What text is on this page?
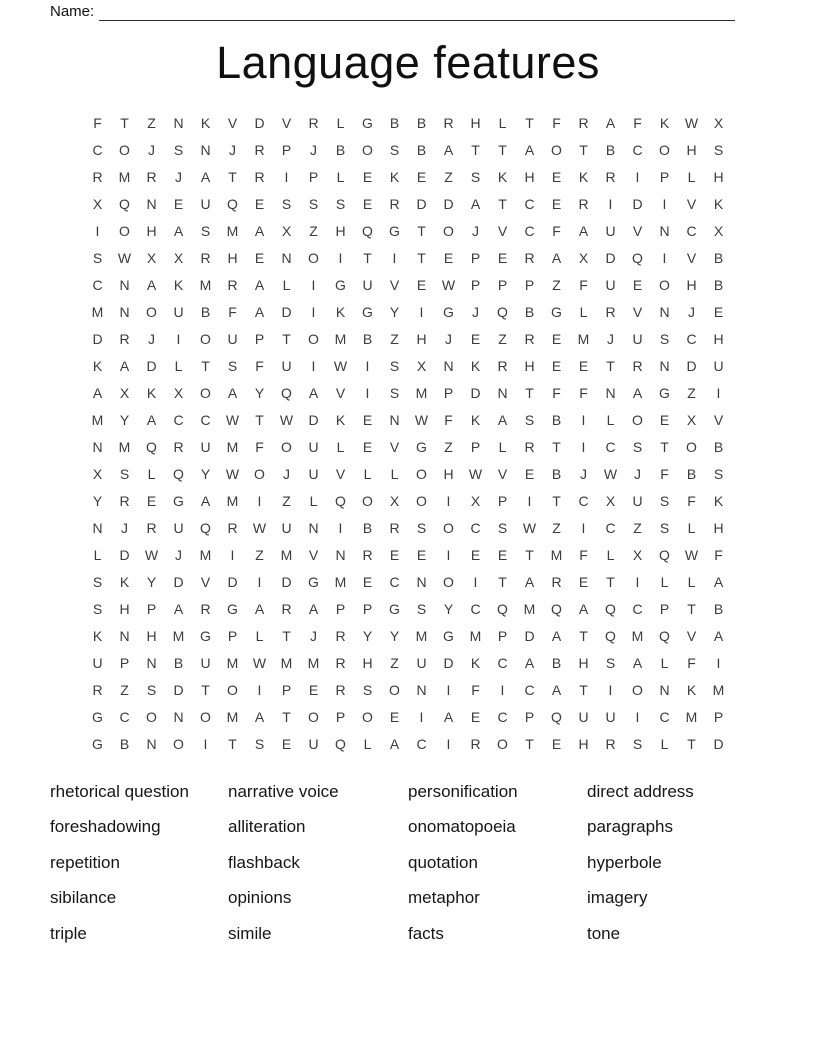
Name:
Language features
F	T	Z	N	K	V	D	V	R	L	G	B	B	R	H	L	T	F	R	A	F	K	W	X
C	O	J	S	N	J	R	P	J	B	O	S	B	A	T	T	A	O	T	B	C	O	H	S
R	M	R	J	A	T	R	I	P	L	E	K	E	Z	S	K	H	E	K	R	I	P	L	H
X	Q	N	E	U	Q	E	S	S	S	E	R	D	D	A	T	C	E	R	I	D	I	V	K
I	O	H	A	S	M	A	X	Z	H	Q	G	T	O	J	V	C	F	A	U	V	N	C	X
S	W	X	X	R	H	E	N	O	I	T	I	T	E	P	E	R	A	X	D	Q	I	V	B
C	N	A	K	M	R	A	L	I	G	U	V	E	W	P	P	P	Z	F	U	E	O	H	B
M	N	O	U	B	F	A	D	I	K	G	Y	I	G	J	Q	B	G	L	R	V	N	J	E
D	R	J	I	O	U	P	T	O	M	B	Z	H	J	E	Z	R	E	M	J	U	S	C	H
K	A	D	L	T	S	F	U	I	W	I	S	X	N	K	R	H	E	E	T	R	N	D	U
A	X	K	X	O	A	Y	Q	A	V	I	S	M	P	D	N	T	F	F	N	A	G	Z	I
M	Y	A	C	C	W	T	W	D	K	E	N	W	F	K	A	S	B	I	L	O	E	X	V
N	M	Q	R	U	M	F	O	U	L	E	V	G	Z	P	L	R	T	I	C	S	T	O	B
X	S	L	Q	Y	W	O	J	U	V	L	L	O	H	W	V	E	B	J	W	J	F	B	S
Y	R	E	G	A	M	I	Z	L	Q	O	X	O	I	X	P	I	T	C	X	U	S	F	K
N	J	R	U	Q	R	W	U	N	I	B	R	S	O	C	S	W	Z	I	C	Z	S	L	H
L	D	W	J	M	I	Z	M	V	N	R	E	E	I	E	E	T	M	F	L	X	Q	W	F
S	K	Y	D	V	D	I	D	G	M	E	C	N	O	I	T	A	R	E	T	I	L	L	A
S	H	P	A	R	G	A	R	A	P	P	G	S	Y	C	Q	M	Q	A	Q	C	P	T	B
K	N	H	M	G	P	L	T	J	R	Y	Y	M	G	M	P	D	A	T	Q	M	Q	V	A
U	P	N	B	U	M	W	M	M	R	H	Z	U	D	K	C	A	B	H	S	A	L	F	I
R	Z	S	D	T	O	I	P	E	R	S	O	N	I	F	I	C	A	T	I	O	N	K	M
G	C	O	N	O	M	A	T	O	P	O	E	I	A	E	C	P	Q	U	U	I	C	M	P
G	B	N	O	I	T	S	E	U	Q	L	A	C	I	R	O	T	E	H	R	S	L	T	D
rhetorical question
foreshadowing
repetition
sibilance
triple
narrative voice
alliteration
flashback
opinions
simile
personification
onomatopoeia
quotation
metaphor
facts
direct address
paragraphs
hyperbole
imagery
tone
